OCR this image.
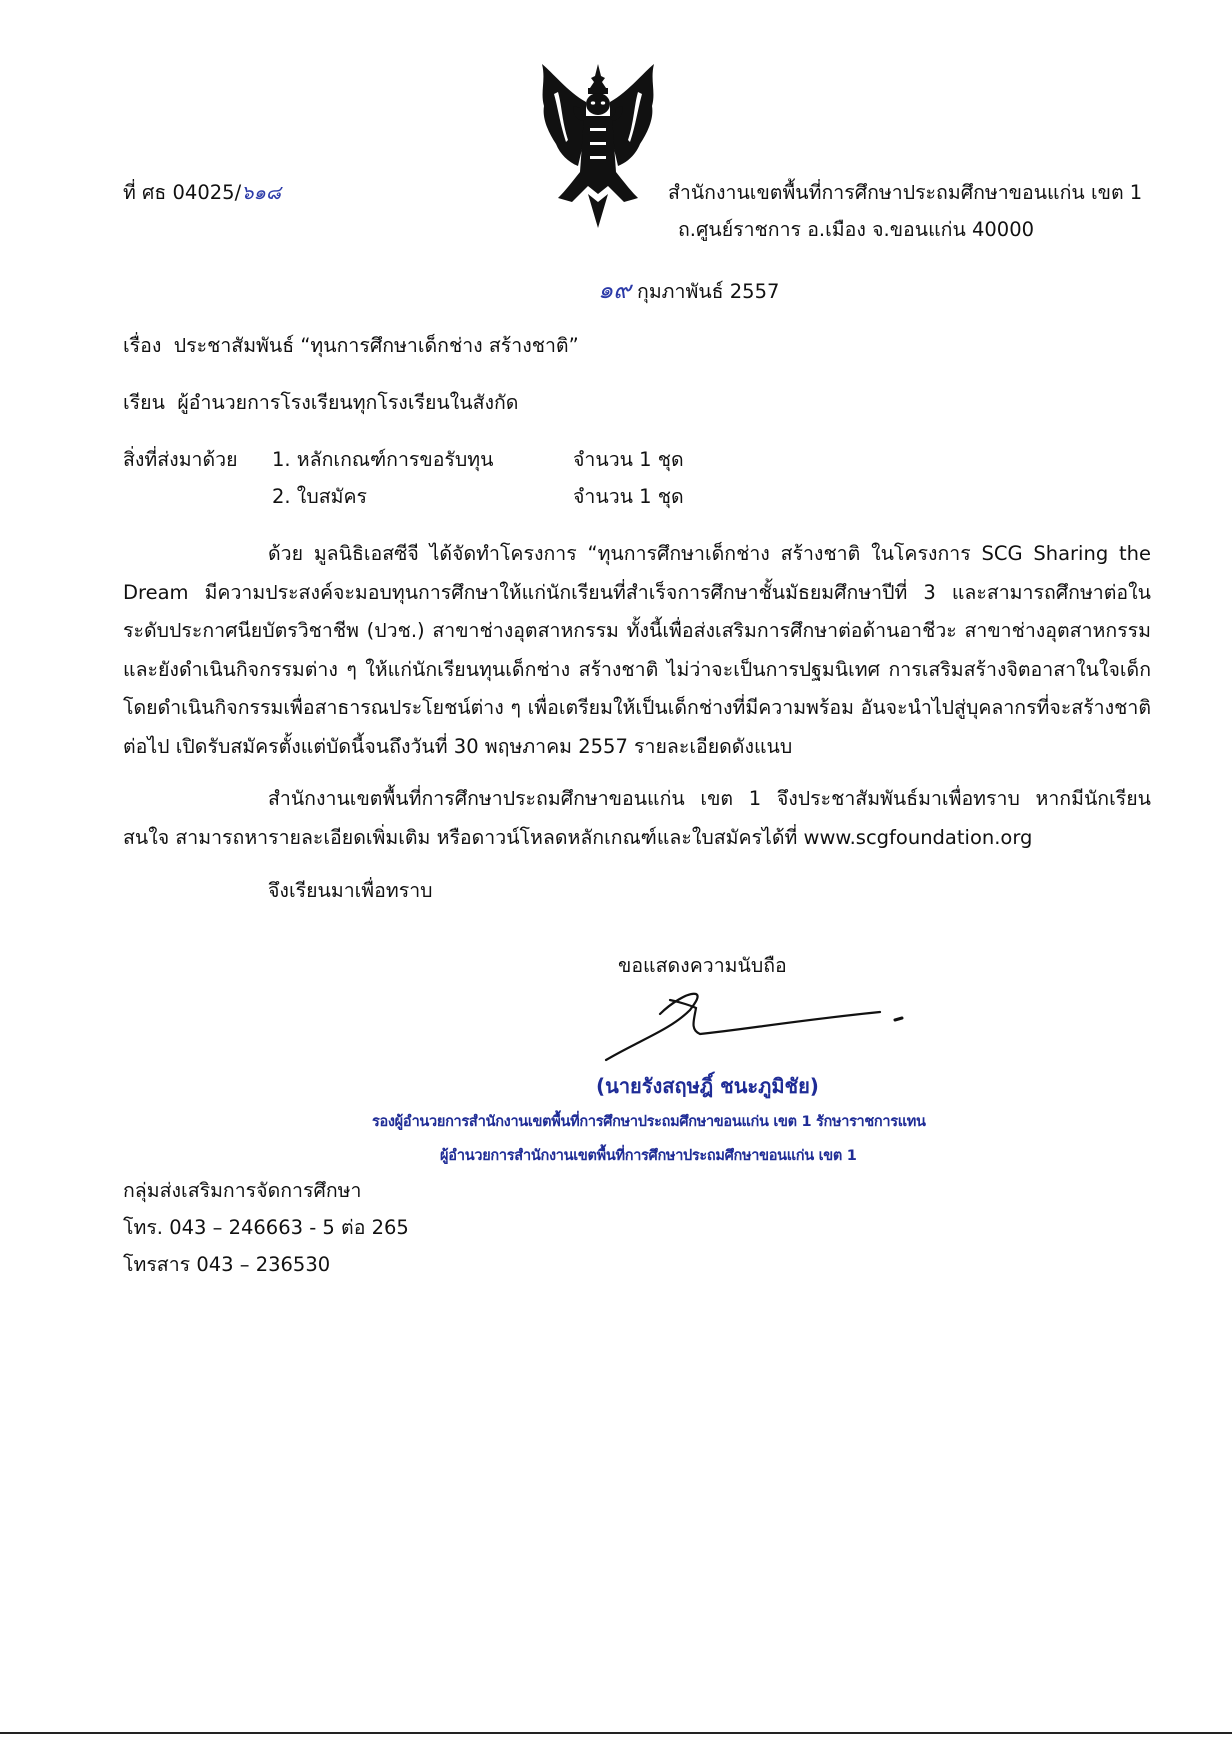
ที่ ศธ 04025/๖๑๘	สำนักงานเขตพื้นที่การศึกษาประถมศึกษาขอนแก่น เขต 1
ถ.ศูนย์ราชการ อ.เมือง จ.ขอนแก่น 40000
๑๙ กุมภาพันธ์ 2557
เรื่อง ประชาสัมพันธ์ “ทุนการศึกษาเด็กช่าง สร้างชาติ”
เรียน ผู้อำนวยการโรงเรียนทุกโรงเรียนในสังกัด
สิ่งที่ส่งมาด้วย 1. หลักเกณฑ์การขอรับทุน	จำนวน 1 ชุด
2. ใบสมัคร	จำนวน 1 ชุด
ด้วย มูลนิธิเอสซีจี ได้จัดทำโครงการ “ทุนการศึกษาเด็กช่าง สร้างชาติ ในโครงการ SCG Sharing the Dream มีความประสงค์จะมอบทุนการศึกษาให้แก่นักเรียนที่สำเร็จการศึกษาชั้นมัธยมศึกษาปีที่ 3 และสามารถศึกษาต่อในระดับประกาศนียบัตรวิชาชีพ (ปวช.) สาขาช่างอุตสาหกรรม ทั้งนี้เพื่อส่งเสริมการศึกษาต่อด้านอาชีวะ สาขาช่างอุตสาหกรรม และยังดำเนินกิจกรรมต่าง ๆ ให้แก่นักเรียนทุนเด็กช่าง สร้างชาติ ไม่ว่าจะเป็นการปฐมนิเทศ การเสริมสร้างจิตอาสาในใจเด็ก โดยดำเนินกิจกรรมเพื่อสาธารณประโยชน์ต่าง ๆ เพื่อเตรียมให้เป็นเด็กช่างที่มีความพร้อม อันจะนำไปสู่บุคลากรที่จะสร้างชาติต่อไป เปิดรับสมัครตั้งแต่บัดนี้จนถึงวันที่ 30 พฤษภาคม 2557 รายละเอียดดังแนบ
สำนักงานเขตพื้นที่การศึกษาประถมศึกษาขอนแก่น เขต 1 จึงประชาสัมพันธ์มาเพื่อทราบ หากมีนักเรียนสนใจ สามารถหารายละเอียดเพิ่มเติม หรือดาวน์โหลดหลักเกณฑ์และใบสมัครได้ที่ www.scgfoundation.org
จึงเรียนมาเพื่อทราบ
ขอแสดงความนับถือ
(นายรังสฤษฎิ์ ชนะภูมิชัย)
รองผู้อำนวยการสำนักงานเขตพื้นที่การศึกษาประถมศึกษาขอนแก่น เขต 1 รักษาราชการแทน
ผู้อำนวยการสำนักงานเขตพื้นที่การศึกษาประถมศึกษาขอนแก่น เขต 1
กลุ่มส่งเสริมการจัดการศึกษา
โทร. 043 – 246663 - 5 ต่อ 265
โทรสาร 043 – 236530
